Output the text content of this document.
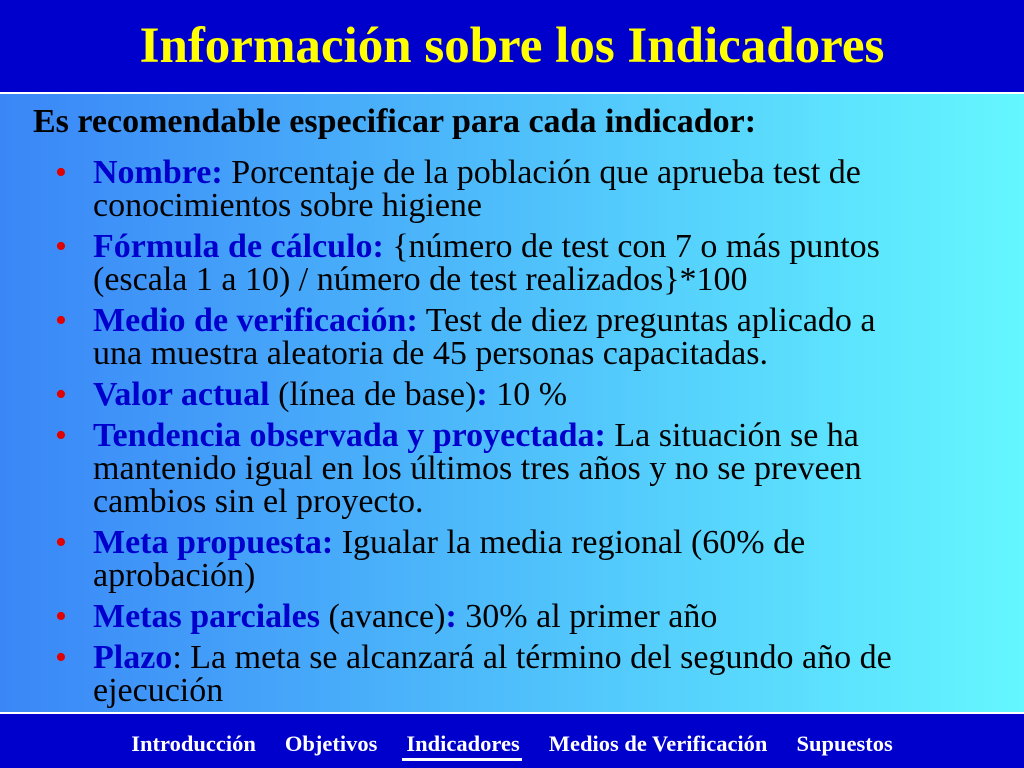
Información sobre los Indicadores

Es recomendable especificar para cada indicador:

• Nombre: Porcentaje de la población que aprueba test de
conocimientos sobre higiene
• Fórmula de cálculo: {número de test con 7 o más puntos
(escala 1 a 10) / número de test realizados}*100
• Medio de verificación: Test de diez preguntas aplicado a
una muestra aleatoria de 45 personas capacitadas.
• Valor actual (línea de base): 10 %
• Tendencia observada y proyectada: La situación se ha
mantenido igual en los últimos tres años y no se preveen
cambios sin el proyecto.
• Meta propuesta: Igualar la media regional (60% de
aprobación)
• Metas parciales (avance): 30% al primer año
• Plazo: La meta se alcanzará al término del segundo año de
ejecución
Introducción Objetivos Indicadores Medios de Verificación Supuestos
